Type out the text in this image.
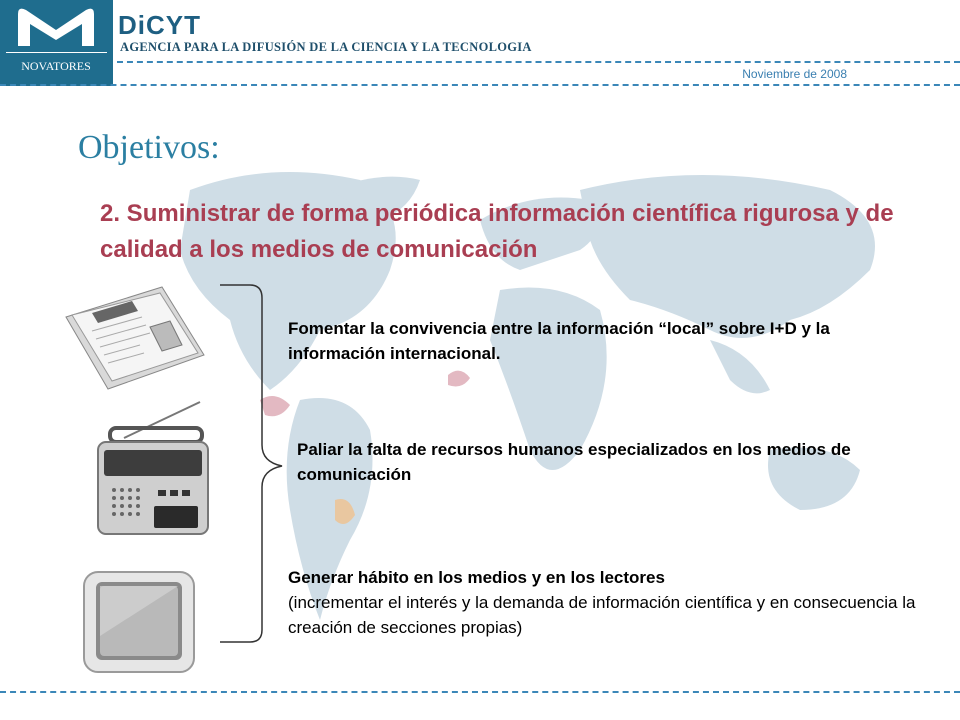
NOVATORES
DiCYT
AGENCIA PARA LA DIFUSIÓN DE LA CIENCIA Y LA TECNOLOGIA
Noviembre de 2008
Objetivos:
2. Suministrar de forma periódica información científica rigurosa y de calidad a los medios de comunicación
Fomentar la convivencia entre la información “local” sobre I+D y la información internacional.
Paliar la falta de recursos humanos especializados en los medios de comunicación
Generar hábito en los medios y en los lectores
(incrementar el interés y la demanda de información científica y en consecuencia la creación de secciones propias)
